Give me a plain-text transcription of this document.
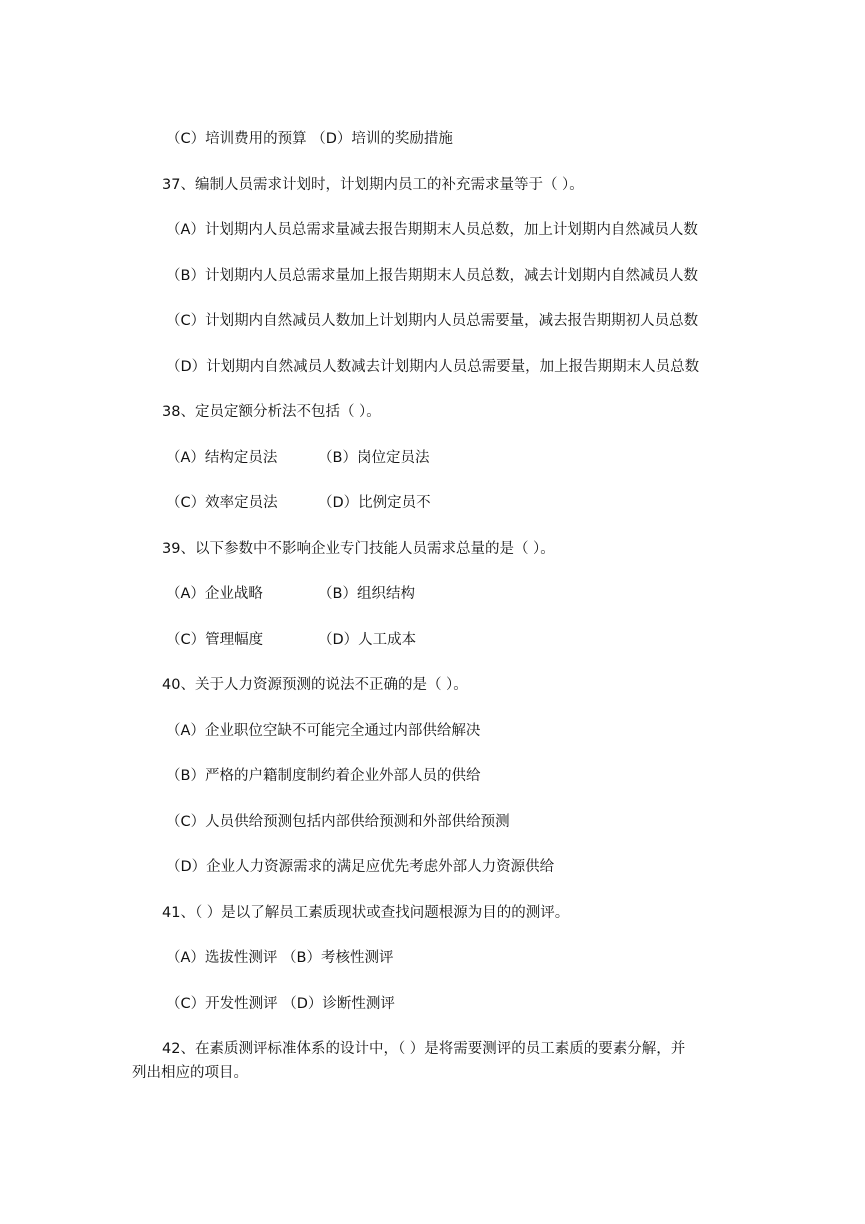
（C）培训费用的预算 （D）培训的奖励措施
37、编制人员需求计划时，计划期内员工的补充需求量等于（ ）。
（A）计划期内人员总需求量减去报告期期末人员总数，加上计划期内自然减员人数
（B）计划期内人员总需求量加上报告期期末人员总数，减去计划期内自然减员人数
（C）计划期内自然减员人数加上计划期内人员总需要量，减去报告期期初人员总数
（D）计划期内自然减员人数减去计划期内人员总需要量，加上报告期期末人员总数
38、定员定额分析法不包括（ ）。
（A）结构定员法	（B）岗位定员法
（C）效率定员法	（D）比例定员不
39、以下参数中不影响企业专门技能人员需求总量的是（ ）。
（A）企业战略	（B）组织结构
（C）管理幅度	（D）人工成本
40、关于人力资源预测的说法不正确的是（ ）。
（A）企业职位空缺不可能完全通过内部供给解决
（B）严格的户籍制度制约着企业外部人员的供给
（C）人员供给预测包括内部供给预测和外部供给预测
（D）企业人力资源需求的满足应优先考虑外部人力资源供给
41、（ ）是以了解员工素质现状或查找问题根源为目的的测评。
（A）选拔性测评 （B）考核性测评
（C）开发性测评 （D）诊断性测评
42、在素质测评标准体系的设计中，（ ）是将需要测评的员工素质的要素分解，并
列出相应的项目。
